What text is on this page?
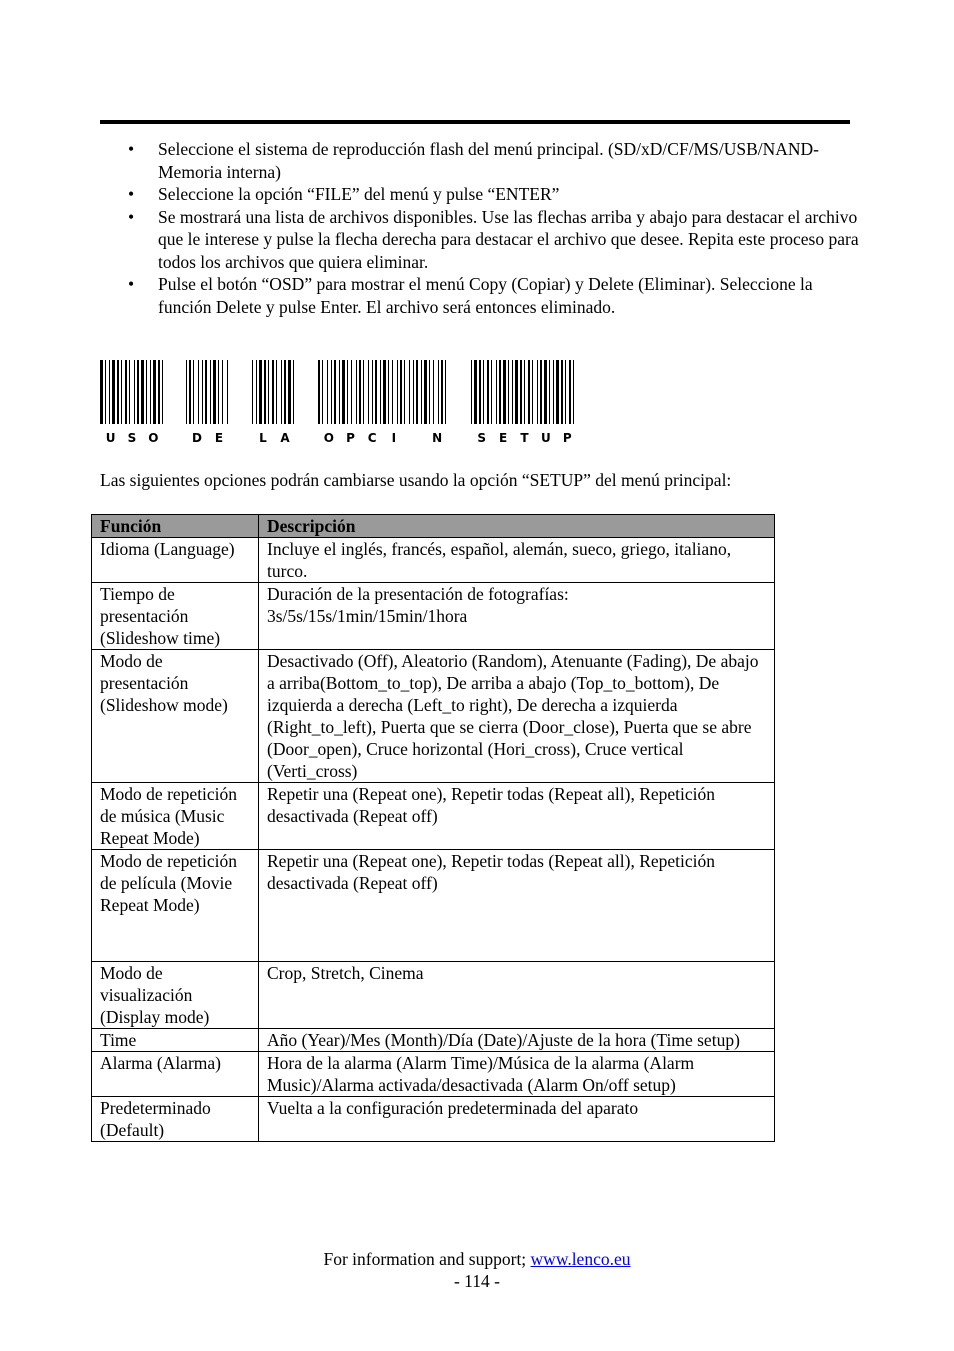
• Seleccione el sistema de reproducción flash del menú principal. (SD/xD/CF/MS/USB/NAND-Memoria interna)
• Seleccione la opción “FILE” del menú y pulse “ENTER”
• Se mostrará una lista de archivos disponibles. Use las flechas arriba y abajo para destacar el archivo que le interese y pulse la flecha derecha para destacar el archivo que desee. Repita este proceso para todos los archivos que quiera eliminar.
• Pulse el botón “OSD” para mostrar el menú Copy (Copiar) y Delete (Eliminar). Seleccione la función Delete y pulse Enter. El archivo será entonces eliminado.
U S O	D E	L A	O P C I	N	S E T U P

Las siguientes opciones podrán cambiarse usando la opción “SETUP” del menú principal:

Función	Descripción
Idioma (Language)	Incluye el inglés, francés, español, alemán, sueco, griego, italiano, turco.
Tiempo de presentación (Slideshow time)	Duración de la presentación de fotografías: 3s/5s/15s/1min/15min/1hora
Modo de presentación (Slideshow mode)	Desactivado (Off), Aleatorio (Random), Atenuante (Fading), De abajo a arriba(Bottom_to_top), De arriba a abajo (Top_to_bottom), De izquierda a derecha (Left_to right), De derecha a izquierda (Right_to_left), Puerta que se cierra (Door_close), Puerta que se abre (Door_open), Cruce horizontal (Hori_cross), Cruce vertical (Verti_cross)
Modo de repetición de música (Music Repeat Mode)	Repetir una (Repeat one), Repetir todas (Repeat all), Repetición desactivada (Repeat off)
Modo de repetición de película (Movie Repeat Mode)	Repetir una (Repeat one), Repetir todas (Repeat all), Repetición desactivada (Repeat off)
Modo de visualización (Display mode)	Crop, Stretch, Cinema
Time	Año (Year)/Mes (Month)/Día (Date)/Ajuste de la hora (Time setup)
Alarma (Alarma)	Hora de la alarma (Alarm Time)/Música de la alarma (Alarm Music)/Alarma activada/desactivada (Alarm On/off setup)
Predeterminado (Default)	Vuelta a la configuración predeterminada del aparato
For information and support; www.lenco.eu
- 114 -
